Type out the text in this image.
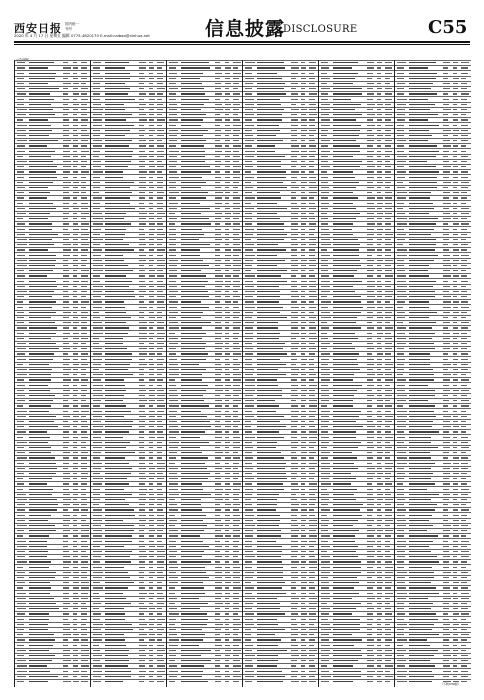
西安日报 国内统一
刊号
2020 年 4 月 17 日 星期五 编辑 0775-4820170 E-mail:caibao@xinhua.net	信息披露
DISCLOSURE	C55
公告明细
（下转C56版）
